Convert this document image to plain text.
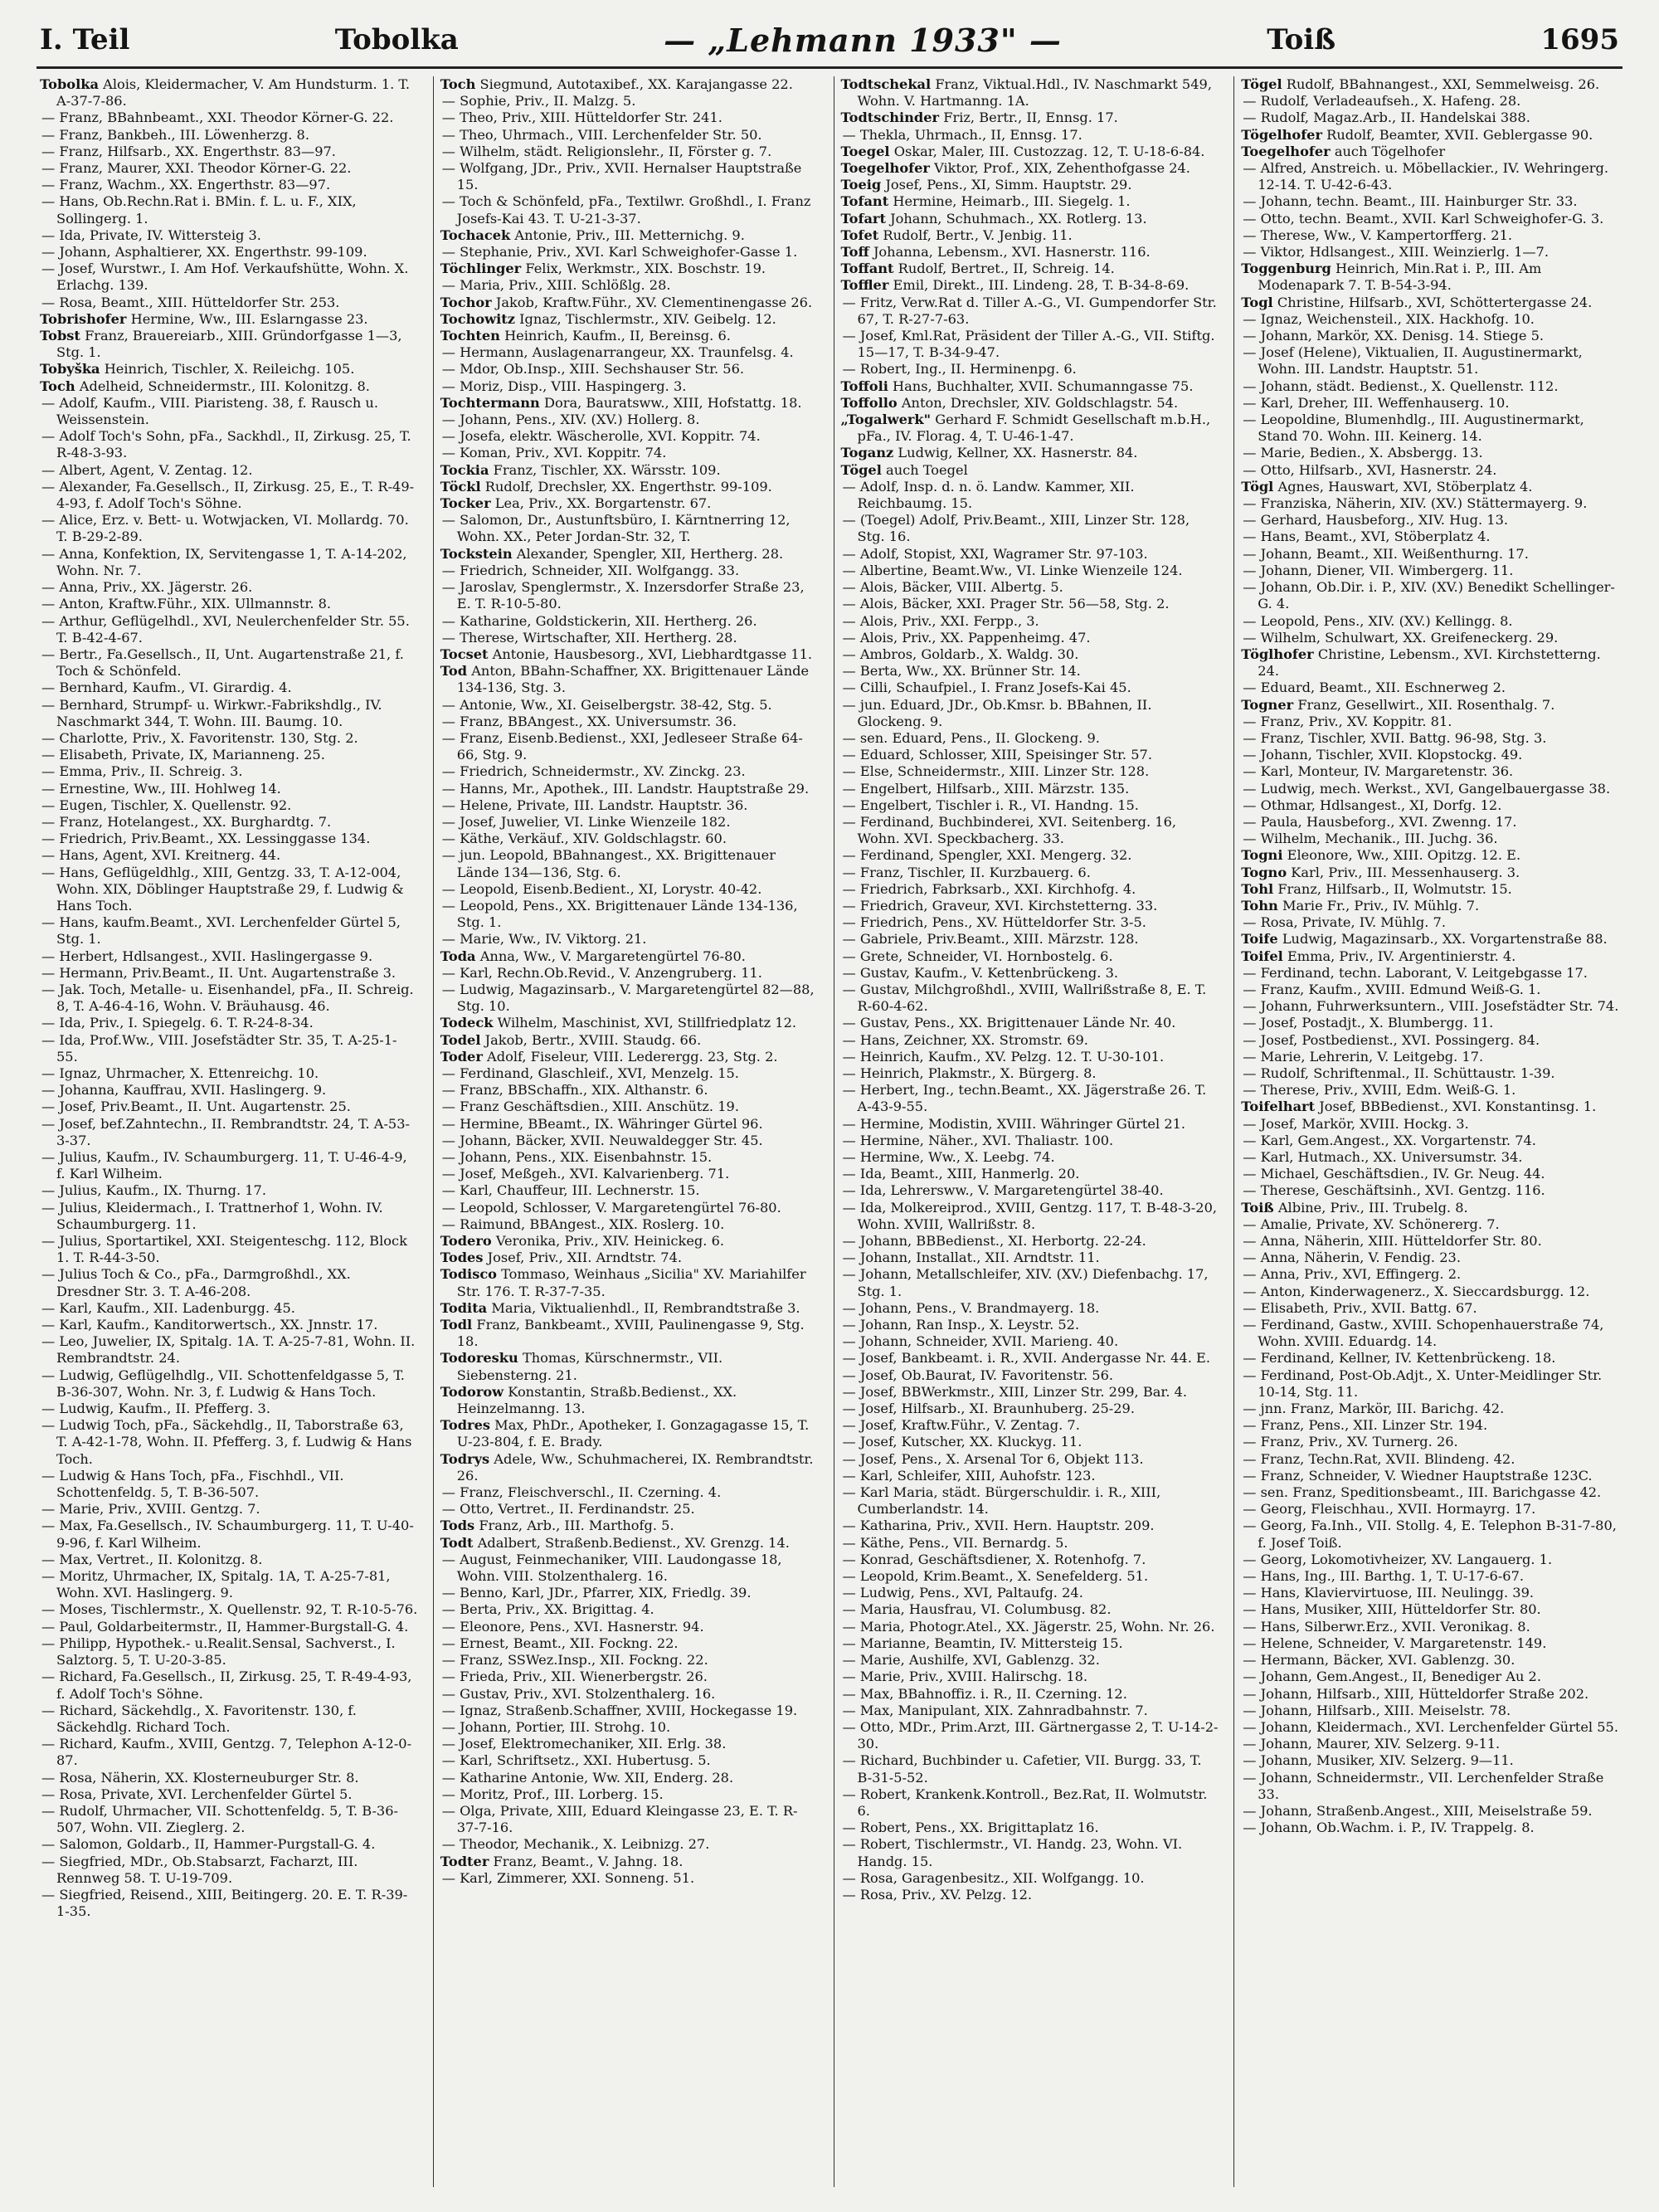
I. Teil	Tobolka	— „Lehmann 1933" —	Toiß	1695
Tobolka Alois, Kleidermacher, V. Am Hundsturm. 1. T. A-37-7-86.
— Franz, BBahnbeamt., XXI. Theodor Körner-G. 22.
— Franz, Bankbeh., III. Löwenherzg. 8.
— Franz, Hilfsarb., XX. Engerthstr. 83—97.
— Franz, Maurer, XXI. Theodor Körner-G. 22.
— Franz, Wachm., XX. Engerthstr. 83—97.
— Hans, Ob.Rechn.Rat i. BMin. f. L. u. F., XIX, Sollingerg. 1.
— Ida, Private, IV. Wittersteig 3.
— Johann, Asphaltierer, XX. Engerthstr. 99-109.
— Josef, Wurstwr., I. Am Hof. Verkaufshütte, Wohn. X. Erlachg. 139.
— Rosa, Beamt., XIII. Hütteldorfer Str. 253.
Tobrishofer Hermine, Ww., III. Eslarngasse 23.
Tobst Franz, Brauereiarb., XIII. Gründorfgasse 1—3, Stg. 1.
Tobyška Heinrich, Tischler, X. Reileichg. 105.
Toch Adelheid, Schneidermstr., III. Kolonitzg. 8.
— Adolf, Kaufm., VIII. Piaristeng. 38, f. Rausch u. Weissenstein.
— Adolf Toch's Sohn, pFa., Sackhdl., II, Zirkusg. 25, T. R-48-3-93.
— Albert, Agent, V. Zentag. 12.
— Alexander, Fa.Gesellsch., II, Zirkusg. 25, E., T. R-49-4-93, f. Adolf Toch's Söhne.
— Alice, Erz. v. Bett- u. Wotwjacken, VI. Mollardg. 70. T. B-29-2-89.
— Anna, Konfektion, IX, Servitengasse 1, T. A-14-202, Wohn. Nr. 7.
— Anna, Priv., XX. Jägerstr. 26.
— Anton, Kraftw.Führ., XIX. Ullmannstr. 8.
— Arthur, Geflügelhdl., XVI, Neulerchenfelder Str. 55. T. B-42-4-67.
— Bertr., Fa.Gesellsch., II, Unt. Augartenstraße 21, f. Toch & Schönfeld.
— Bernhard, Kaufm., VI. Girardig. 4.
— Bernhard, Strumpf- u. Wirkwr.-Fabrikshdlg., IV. Naschmarkt 344, T. Wohn. III. Baumg. 10.
— Charlotte, Priv., X. Favoritenstr. 130, Stg. 2.
— Elisabeth, Private, IX, Marianneng. 25.
— Emma, Priv., II. Schreig. 3.
— Ernestine, Ww., III. Hohlweg 14.
— Eugen, Tischler, X. Quellenstr. 92.
— Franz, Hotelangest., XX. Burghardtg. 7.
— Friedrich, Priv.Beamt., XX. Lessinggasse 134.
— Hans, Agent, XVI. Kreitnerg. 44.
— Hans, Geflügeldhlg., XIII, Gentzg. 33, T. A-12-004, Wohn. XIX, Döblinger Hauptstraße 29, f. Ludwig & Hans Toch.
— Hans, kaufm.Beamt., XVI. Lerchenfelder Gürtel 5, Stg. 1.
— Herbert, Hdlsangest., XVII. Haslingergasse 9.
— Hermann, Priv.Beamt., II. Unt. Augartenstraße 3.
— Jak. Toch, Metalle- u. Eisenhandel, pFa., II. Schreig. 8, T. A-46-4-16, Wohn. V. Bräuhausg. 46.
— Ida, Priv., I. Spiegelg. 6. T. R-24-8-34.
— Ida, Prof.Ww., VIII. Josefstädter Str. 35, T. A-25-1-55.
— Ignaz, Uhrmacher, X. Ettenreichg. 10.
— Johanna, Kauffrau, XVII. Haslingerg. 9.
— Josef, Priv.Beamt., II. Unt. Augartenstr. 25.
— Josef, bef.Zahntechn., II. Rembrandtstr. 24, T. A-53-3-37.
— Julius, Kaufm., IV. Schaumburgerg. 11, T. U-46-4-9, f. Karl Wilheim.
— Julius, Kaufm., IX. Thurng. 17.
— Julius, Kleidermach., I. Trattnerhof 1, Wohn. IV. Schaumburgerg. 11.
— Julius, Sportartikel, XXI. Steigenteschg. 112, Block 1. T. R-44-3-50.
— Julius Toch & Co., pFa., Darmgroßhdl., XX. Dresdner Str. 3. T. A-46-208.
— Karl, Kaufm., XII. Ladenburgg. 45.
— Karl, Kaufm., Kanditorwertsch., XX. Jnnstr. 17.
— Leo, Juwelier, IX, Spitalg. 1A. T. A-25-7-81, Wohn. II. Rembrandtstr. 24.
— Ludwig, Geflügelhdlg., VII. Schottenfeldgasse 5, T. B-36-307, Wohn. Nr. 3, f. Ludwig & Hans Toch.
— Ludwig, Kaufm., II. Pfefferg. 3.
— Ludwig Toch, pFa., Säckehdlg., II, Taborstraße 63, T. A-42-1-78, Wohn. II. Pfefferg. 3, f. Ludwig & Hans Toch.
— Ludwig & Hans Toch, pFa., Fischhdl., VII. Schottenfeldg. 5, T. B-36-507.
— Marie, Priv., XVIII. Gentzg. 7.
— Max, Fa.Gesellsch., IV. Schaumburgerg. 11, T. U-40-9-96, f. Karl Wilheim.
— Max, Vertret., II. Kolonitzg. 8.
— Moritz, Uhrmacher, IX, Spitalg. 1A, T. A-25-7-81, Wohn. XVI. Haslingerg. 9.
— Moses, Tischlermstr., X. Quellenstr. 92, T. R-10-5-76.
— Paul, Goldarbeitermstr., II, Hammer-Burgstall-G. 4.
— Philipp, Hypothek.- u.Realit.Sensal, Sachverst., I. Salztorg. 5, T. U-20-3-85.
— Richard, Fa.Gesellsch., II, Zirkusg. 25, T. R-49-4-93, f. Adolf Toch's Söhne.
— Richard, Säckehdlg., X. Favoritenstr. 130, f. Säckehdlg. Richard Toch.
— Richard, Kaufm., XVIII, Gentzg. 7, Telephon A-12-0-87.
— Rosa, Näherin, XX. Klosterneuburger Str. 8.
— Rosa, Private, XVI. Lerchenfelder Gürtel 5.
— Rudolf, Uhrmacher, VII. Schottenfeldg. 5, T. B-36-507, Wohn. VII. Zieglerg. 2.
— Salomon, Goldarb., II, Hammer-Purgstall-G. 4.
— Siegfried, MDr., Ob.Stabsarzt, Facharzt, III. Rennweg 58. T. U-19-709.
— Siegfried, Reisend., XIII, Beitingerg. 20. E. T. R-39-1-35.
Toch Siegmund, Autotaxibef., XX. Karajangasse 22.
— Sophie, Priv., II. Malzg. 5.
— Theo, Priv., XIII. Hütteldorfer Str. 241.
— Theo, Uhrmach., VIII. Lerchenfelder Str. 50.
— Wilhelm, städt. Religionslehr., II, Förster g. 7.
— Wolfgang, JDr., Priv., XVII. Hernalser Hauptstraße 15.
— Toch & Schönfeld, pFa., Textilwr. Großhdl., I. Franz Josefs-Kai 43. T. U-21-3-37.
Tochacek Antonie, Priv., III. Metternichg. 9.
— Stephanie, Priv., XVI. Karl Schweighofer-Gasse 1.
Töchlinger Felix, Werkmstr., XIX. Boschstr. 19.
— Maria, Priv., XIII. Schlößlg. 28.
Tochor Jakob, Kraftw.Führ., XV. Clementinengasse 26.
Tochowitz Ignaz, Tischlermstr., XIV. Geibelg. 12.
Tochten Heinrich, Kaufm., II, Bereinsg. 6.
— Hermann, Auslagenarrangeur, XX. Traunfelsg. 4.
— Mdor, Ob.Insp., XIII. Sechshauser Str. 56.
— Moriz, Disp., VIII. Haspingerg. 3.
Tochtermann Dora, Bauratsww., XIII, Hofstattg. 18.
— Johann, Pens., XIV. (XV.) Hollerg. 8.
— Josefa, elektr. Wäscherolle, XVI. Koppitr. 74.
— Koman, Priv., XVI. Koppitr. 74.
Tockia Franz, Tischler, XX. Wärsstr. 109.
Töckl Rudolf, Drechsler, XX. Engerthstr. 99-109.
Tocker Lea, Priv., XX. Borgartenstr. 67.
— Salomon, Dr., Austunftsbüro, I. Kärntnerring 12, Wohn. XX., Peter Jordan-Str. 32, T.
Tockstein Alexander, Spengler, XII, Hertherg. 28.
— Friedrich, Schneider, XII. Wolfgangg. 33.
— Jaroslav, Spenglermstr., X. Inzersdorfer Straße 23, E. T. R-10-5-80.
— Katharine, Goldstickerin, XII. Hertherg. 26.
— Therese, Wirtschafter, XII. Hertherg. 28.
Tocset Antonie, Hausbesorg., XVI, Liebhardtgasse 11.
Tod Anton, BBahn-Schaffner, XX. Brigittenauer Lände 134-136, Stg. 3.
— Antonie, Ww., XI. Geiselbergstr. 38-42, Stg. 5.
— Franz, BBAngest., XX. Universumstr. 36.
— Franz, Eisenb.Bedienst., XXI, Jedleseer Straße 64-66, Stg. 9.
— Friedrich, Schneidermstr., XV. Zinckg. 23.
— Hanns, Mr., Apothek., III. Landstr. Hauptstraße 29.
— Helene, Private, III. Landstr. Hauptstr. 36.
— Josef, Juwelier, VI. Linke Wienzeile 182.
— Käthe, Verkäuf., XIV. Goldschlagstr. 60.
— jun. Leopold, BBahnangest., XX. Brigittenauer Lände 134—136, Stg. 6.
— Leopold, Eisenb.Bedient., XI, Lorystr. 40-42.
— Leopold, Pens., XX. Brigittenauer Lände 134-136, Stg. 1.
— Marie, Ww., IV. Viktorg. 21.
Toda Anna, Ww., V. Margaretengürtel 76-80.
— Karl, Rechn.Ob.Revid., V. Anzengruberg. 11.
— Ludwig, Magazinsarb., V. Margaretengürtel 82—88, Stg. 10.
Todeck Wilhelm, Maschinist, XVI, Stillfriedplatz 12.
Todel Jakob, Bertr., XVIII. Staudg. 66.
Toder Adolf, Fiseleur, VIII. Lederergg. 23, Stg. 2.
— Ferdinand, Glaschleif., XVI, Menzelg. 15.
— Franz, BBSchaffn., XIX. Althanstr. 6.
— Franz Geschäftsdien., XIII. Anschütz. 19.
— Hermine, BBeamt., IX. Währinger Gürtel 96.
— Johann, Bäcker, XVII. Neuwaldegger Str. 45.
— Johann, Pens., XIX. Eisenbahnstr. 15.
— Josef, Meßgeh., XVI. Kalvarienberg. 71.
— Karl, Chauffeur, III. Lechnerstr. 15.
— Leopold, Schlosser, V. Margaretengürtel 76-80.
— Raimund, BBAngest., XIX. Roslerg. 10.
Todero Veronika, Priv., XIV. Heinickeg. 6.
Todes Josef, Priv., XII. Arndtstr. 74.
Todisco Tommaso, Weinhaus „Sicilia" XV. Mariahilfer Str. 176. T. R-37-7-35.
Todita Maria, Viktualienhdl., II, Rembrandtstraße 3.
Todl Franz, Bankbeamt., XVIII, Paulinengasse 9, Stg. 18.
Todoresku Thomas, Kürschnermstr., VII. Siebensterng. 21.
Todorow Konstantin, Straßb.Bedienst., XX. Heinzelmanng. 13.
Todres Max, PhDr., Apotheker, I. Gonzagagasse 15, T. U-23-804, f. E. Brady.
Todrys Adele, Ww., Schuhmacherei, IX. Rembrandtstr. 26.
— Franz, Fleischverschl., II. Czerning. 4.
— Otto, Vertret., II. Ferdinandstr. 25.
Tods Franz, Arb., III. Marthofg. 5.
Todt Adalbert, Straßenb.Bedienst., XV. Grenzg. 14.
— August, Feinmechaniker, VIII. Laudongasse 18, Wohn. VIII. Stolzenthalerg. 16.
— Benno, Karl, JDr., Pfarrer, XIX, Friedlg. 39.
— Berta, Priv., XX. Brigittag. 4.
— Eleonore, Pens., XVI. Hasnerstr. 94.
— Ernest, Beamt., XII. Fockng. 22.
— Franz, SSWez.Insp., XII. Fockng. 22.
— Frieda, Priv., XII. Wienerbergstr. 26.
— Gustav, Priv., XVI. Stolzenthalerg. 16.
— Ignaz, Straßenb.Schaffner, XVIII, Hockegasse 19.
— Johann, Portier, III. Strohg. 10.
— Josef, Elektromechaniker, XII. Erlg. 38.
— Karl, Schriftsetz., XXI. Hubertusg. 5.
— Katharine Antonie, Ww. XII, Enderg. 28.
— Moritz, Prof., III. Lorberg. 15.
— Olga, Private, XIII, Eduard Kleingasse 23, E. T. R-37-7-16.
— Theodor, Mechanik., X. Leibnizg. 27.
Todter Franz, Beamt., V. Jahng. 18.
— Karl, Zimmerer, XXI. Sonneng. 51.
Todtschekal Franz, Viktual.Hdl., IV. Naschmarkt 549, Wohn. V. Hartmanng. 1A.
Todtschinder Friz, Bertr., II, Ennsg. 17.
— Thekla, Uhrmach., II, Ennsg. 17.
Toegel Oskar, Maler, III. Custozzag. 12, T. U-18-6-84.
Toegelhofer Viktor, Prof., XIX, Zehenthofgasse 24.
Toeig Josef, Pens., XI, Simm. Hauptstr. 29.
Tofant Hermine, Heimarb., III. Siegelg. 1.
Tofart Johann, Schuhmach., XX. Rotlerg. 13.
Tofet Rudolf, Bertr., V. Jenbig. 11.
Toff Johanna, Lebensm., XVI. Hasnerstr. 116.
Toffant Rudolf, Bertret., II, Schreig. 14.
Toffler Emil, Direkt., III. Lindeng. 28, T. B-34-8-69.
— Fritz, Verw.Rat d. Tiller A.-G., VI. Gumpendorfer Str. 67, T. R-27-7-63.
— Josef, Kml.Rat, Präsident der Tiller A.-G., VII. Stiftg. 15—17, T. B-34-9-47.
— Robert, Ing., II. Herminenpg. 6.
Toffoli Hans, Buchhalter, XVII. Schumanngasse 75.
Toffollo Anton, Drechsler, XIV. Goldschlagstr. 54.
„Togalwerk" Gerhard F. Schmidt Gesellschaft m.b.H., pFa., IV. Florag. 4, T. U-46-1-47.
Toganz Ludwig, Kellner, XX. Hasnerstr. 84.
Tögel auch Toegel
— Adolf, Insp. d. n. ö. Landw. Kammer, XII. Reichbaumg. 15.
— (Toegel) Adolf, Priv.Beamt., XIII, Linzer Str. 128, Stg. 16.
— Adolf, Stopist, XXI, Wagramer Str. 97-103.
— Albertine, Beamt.Ww., VI. Linke Wienzeile 124.
— Alois, Bäcker, VIII. Albertg. 5.
— Alois, Bäcker, XXI. Prager Str. 56—58, Stg. 2.
— Alois, Priv., XXI. Ferpp., 3.
— Alois, Priv., XX. Pappenheimg. 47.
— Ambros, Goldarb., X. Waldg. 30.
— Berta, Ww., XX. Brünner Str. 14.
— Cilli, Schaufpiel., I. Franz Josefs-Kai 45.
— jun. Eduard, JDr., Ob.Kmsr. b. BBahnen, II. Glockeng. 9.
— sen. Eduard, Pens., II. Glockeng. 9.
— Eduard, Schlosser, XIII, Speisinger Str. 57.
— Else, Schneidermstr., XIII. Linzer Str. 128.
— Engelbert, Hilfsarb., XIII. Märzstr. 135.
— Engelbert, Tischler i. R., VI. Handng. 15.
— Ferdinand, Buchbinderei, XVI. Seitenberg. 16, Wohn. XVI. Speckbacherg. 33.
— Ferdinand, Spengler, XXI. Mengerg. 32.
— Franz, Tischler, II. Kurzbauerg. 6.
— Friedrich, Fabrksarb., XXI. Kirchhofg. 4.
— Friedrich, Graveur, XVI. Kirchstetterng. 33.
— Friedrich, Pens., XV. Hütteldorfer Str. 3-5.
— Gabriele, Priv.Beamt., XIII. Märzstr. 128.
— Grete, Schneider, VI. Hornbostelg. 6.
— Gustav, Kaufm., V. Kettenbrückeng. 3.
— Gustav, Milchgroßhdl., XVIII, Wallrißstraße 8, E. T. R-60-4-62.
— Gustav, Pens., XX. Brigittenauer Lände Nr. 40.
— Hans, Zeichner, XX. Stromstr. 69.
— Heinrich, Kaufm., XV. Pelzg. 12. T. U-30-101.
— Heinrich, Plakmstr., X. Bürgerg. 8.
— Herbert, Ing., techn.Beamt., XX. Jägerstraße 26. T. A-43-9-55.
— Hermine, Modistin, XVIII. Währinger Gürtel 21.
— Hermine, Näher., XVI. Thaliastr. 100.
— Hermine, Ww., X. Leebg. 74.
— Ida, Beamt., XIII, Hanmerlg. 20.
— Ida, Lehrersww., V. Margaretengürtel 38-40.
— Ida, Molkereiprod., XVIII, Gentzg. 117, T. B-48-3-20, Wohn. XVIII, Wallrißstr. 8.
— Johann, BBBedienst., XI. Herbortg. 22-24.
— Johann, Installat., XII. Arndtstr. 11.
— Johann, Metallschleifer, XIV. (XV.) Diefenbachg. 17, Stg. 1.
— Johann, Pens., V. Brandmayerg. 18.
— Johann, Ran Insp., X. Leystr. 52.
— Johann, Schneider, XVII. Marieng. 40.
— Josef, Bankbeamt. i. R., XVII. Andergasse Nr. 44. E.
— Josef, Ob.Baurat, IV. Favoritenstr. 56.
— Josef, BBWerkmstr., XIII, Linzer Str. 299, Bar. 4.
— Josef, Hilfsarb., XI. Braunhuberg. 25-29.
— Josef, Kraftw.Führ., V. Zentag. 7.
— Josef, Kutscher, XX. Kluckyg. 11.
— Josef, Pens., X. Arsenal Tor 6, Objekt 113.
— Karl, Schleifer, XIII, Auhofstr. 123.
— Karl Maria, städt. Bürgerschuldir. i. R., XIII, Cumberlandstr. 14.
— Katharina, Priv., XVII. Hern. Hauptstr. 209.
— Käthe, Pens., VII. Bernardg. 5.
— Konrad, Geschäftsdiener, X. Rotenhofg. 7.
— Leopold, Krim.Beamt., X. Senefelderg. 51.
— Ludwig, Pens., XVI, Paltaufg. 24.
— Maria, Hausfrau, VI. Columbusg. 82.
— Maria, Photogr.Atel., XX. Jägerstr. 25, Wohn. Nr. 26.
— Marianne, Beamtin, IV. Mittersteig 15.
— Marie, Aushilfe, XVI, Gablenzg. 32.
— Marie, Priv., XVIII. Halirschg. 18.
— Max, BBahnoffiz. i. R., II. Czerning. 12.
— Max, Manipulant, XIX. Zahnradbahnstr. 7.
— Otto, MDr., Prim.Arzt, III. Gärtnergasse 2, T. U-14-2-30.
— Richard, Buchbinder u. Cafetier, VII. Burgg. 33, T. B-31-5-52.
— Robert, Krankenk.Kontroll., Bez.Rat, II. Wolmutstr. 6.
— Robert, Pens., XX. Brigittaplatz 16.
— Robert, Tischlermstr., VI. Handg. 23, Wohn. VI. Handg. 15.
— Rosa, Garagenbesitz., XII. Wolfgangg. 10.
— Rosa, Priv., XV. Pelzg. 12.
Tögel Rudolf, BBahnangest., XXI, Semmelweisg. 26.
— Rudolf, Verladeaufseh., X. Hafeng. 28.
— Rudolf, Magaz.Arb., II. Handelskai 388.
Tögelhofer Rudolf, Beamter, XVII. Geblergasse 90.
Toegelhofer auch Tögelhofer
— Alfred, Anstreich. u. Möbellackier., IV. Wehringerg. 12-14. T. U-42-6-43.
— Johann, techn. Beamt., III. Hainburger Str. 33.
— Otto, techn. Beamt., XVII. Karl Schweighofer-G. 3.
— Therese, Ww., V. Kampertorfferg. 21.
— Viktor, Hdlsangest., XIII. Weinzierlg. 1—7.
Toggenburg Heinrich, Min.Rat i. P., III. Am Modenapark 7. T. B-54-3-94.
Togl Christine, Hilfsarb., XVI, Schöttertergasse 24.
— Ignaz, Weichensteil., XIX. Hackhofg. 10.
— Johann, Markör, XX. Denisg. 14. Stiege 5.
— Josef (Helene), Viktualien, II. Augustinermarkt, Wohn. III. Landstr. Hauptstr. 51.
— Johann, städt. Bedienst., X. Quellenstr. 112.
— Karl, Dreher, III. Weffenhauserg. 10.
— Leopoldine, Blumenhdlg., III. Augustinermarkt, Stand 70. Wohn. III. Keinerg. 14.
— Marie, Bedien., X. Absbergg. 13.
— Otto, Hilfsarb., XVI, Hasnerstr. 24.
Tögl Agnes, Hauswart, XVI, Stöberplatz 4.
— Franziska, Näherin, XIV. (XV.) Stättermayerg. 9.
— Gerhard, Hausbeforg., XIV. Hug. 13.
— Hans, Beamt., XVI, Stöberplatz 4.
— Johann, Beamt., XII. Weißenthurng. 17.
— Johann, Diener, VII. Wimbergerg. 11.
— Johann, Ob.Dir. i. P., XIV. (XV.) Benedikt Schellinger-G. 4.
— Leopold, Pens., XIV. (XV.) Kellingg. 8.
— Wilhelm, Schulwart, XX. Greifeneckerg. 29.
Töglhofer Christine, Lebensm., XVI. Kirchstetterng. 24.
— Eduard, Beamt., XII. Eschnerweg 2.
Togner Franz, Gesellwirt., XII. Rosenthalg. 7.
— Franz, Priv., XV. Koppitr. 81.
— Franz, Tischler, XVII. Battg. 96-98, Stg. 3.
— Johann, Tischler, XVII. Klopstockg. 49.
— Karl, Monteur, IV. Margaretenstr. 36.
— Ludwig, mech. Werkst., XVI, Gangelbauergasse 38.
— Othmar, Hdlsangest., XI, Dorfg. 12.
— Paula, Hausbeforg., XVI. Zwenng. 17.
— Wilhelm, Mechanik., III. Juchg. 36.
Togni Eleonore, Ww., XIII. Opitzg. 12. E.
Togno Karl, Priv., III. Messenhauserg. 3.
Tohl Franz, Hilfsarb., II, Wolmutstr. 15.
Tohn Marie Fr., Priv., IV. Mühlg. 7.
— Rosa, Private, IV. Mühlg. 7.
Toife Ludwig, Magazinsarb., XX. Vorgartenstraße 88.
Toifel Emma, Priv., IV. Argentinierstr. 4.
— Ferdinand, techn. Laborant, V. Leitgebgasse 17.
— Franz, Kaufm., XVIII. Edmund Weiß-G. 1.
— Johann, Fuhrwerksuntern., VIII. Josefstädter Str. 74.
— Josef, Postadjt., X. Blumbergg. 11.
— Josef, Postbedienst., XVI. Possingerg. 84.
— Marie, Lehrerin, V. Leitgebg. 17.
— Rudolf, Schriftenmal., II. Schüttaustr. 1-39.
— Therese, Priv., XVIII, Edm. Weiß-G. 1.
Toifelhart Josef, BBBedienst., XVI. Konstantinsg. 1.
— Josef, Markör, XVIII. Hockg. 3.
— Karl, Gem.Angest., XX. Vorgartenstr. 74.
— Karl, Hutmach., XX. Universumstr. 34.
— Michael, Geschäftsdien., IV. Gr. Neug. 44.
— Therese, Geschäftsinh., XVI. Gentzg. 116.
Toiß Albine, Priv., III. Trubelg. 8.
— Amalie, Private, XV. Schönererg. 7.
— Anna, Näherin, XIII. Hütteldorfer Str. 80.
— Anna, Näherin, V. Fendig. 23.
— Anna, Priv., XVI, Effingerg. 2.
— Anton, Kinderwagenerz., X. Sieccardsburgg. 12.
— Elisabeth, Priv., XVII. Battg. 67.
— Ferdinand, Gastw., XVIII. Schopenhauerstraße 74, Wohn. XVIII. Eduardg. 14.
— Ferdinand, Kellner, IV. Kettenbrückeng. 18.
— Ferdinand, Post-Ob.Adjt., X. Unter-Meidlinger Str. 10-14, Stg. 11.
— jnn. Franz, Markör, III. Barichg. 42.
— Franz, Pens., XII. Linzer Str. 194.
— Franz, Priv., XV. Turnerg. 26.
— Franz, Techn.Rat, XVII. Blindeng. 42.
— Franz, Schneider, V. Wiedner Hauptstraße 123C.
— sen. Franz, Speditionsbeamt., III. Barichgasse 42.
— Georg, Fleischhau., XVII. Hormayrg. 17.
— Georg, Fa.Inh., VII. Stollg. 4, E. Telephon B-31-7-80, f. Josef Toiß.
— Georg, Lokomotivheizer, XV. Langauerg. 1.
— Hans, Ing., III. Barthg. 1, T. U-17-6-67.
— Hans, Klaviervirtuose, III. Neulingg. 39.
— Hans, Musiker, XIII, Hütteldorfer Str. 80.
— Hans, Silberwr.Erz., XVII. Veronikag. 8.
— Helene, Schneider, V. Margaretenstr. 149.
— Hermann, Bäcker, XVI. Gablenzg. 30.
— Johann, Gem.Angest., II, Benediger Au 2.
— Johann, Hilfsarb., XIII, Hütteldorfer Straße 202.
— Johann, Hilfsarb., XIII. Meiselstr. 78.
— Johann, Kleidermach., XVI. Lerchenfelder Gürtel 55.
— Johann, Maurer, XIV. Selzerg. 9-11.
— Johann, Musiker, XIV. Selzerg. 9—11.
— Johann, Schneidermstr., VII. Lerchenfelder Straße 33.
— Johann, Straßenb.Angest., XIII, Meiselstraße 59.
— Johann, Ob.Wachm. i. P., IV. Trappelg. 8.
